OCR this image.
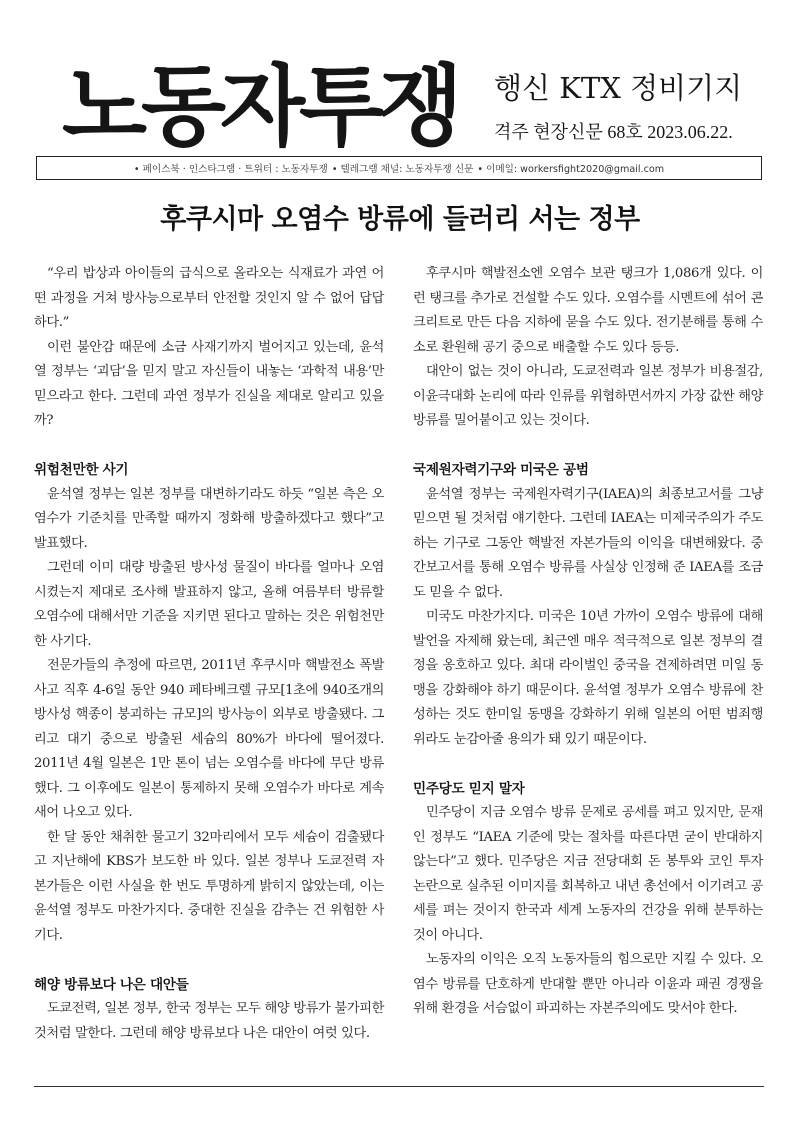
노동자투쟁	행신 KTX 정비기지
격주 현장신문 68호 2023.06.22.
• 페이스북 · 인스타그램 · 트위터 : 노동자투쟁 • 텔레그램 채널: 노동자투쟁 신문 • 이메일: workersfight2020@gmail.com
후쿠시마 오염수 방류에 들러리 서는 정부

“우리 밥상과 아이들의 급식으로 올라오는 식재료가 과연 어떤 과정을 거쳐 방사능으로부터 안전할 것인지 알 수 없어 답답하다.”

이런 불안감 때문에 소금 사재기까지 벌어지고 있는데, 윤석열 정부는 ‘괴담’을 믿지 말고 자신들이 내놓는 ‘과학적 내용’만 믿으라고 한다. 그런데 과연 정부가 진실을 제대로 알리고 있을까?

위험천만한 사기

윤석열 정부는 일본 정부를 대변하기라도 하듯 “일본 측은 오염수가 기준치를 만족할 때까지 정화해 방출하겠다고 했다”고 발표했다.

그런데 이미 대량 방출된 방사성 물질이 바다를 얼마나 오염시켰는지 제대로 조사해 발표하지 않고, 올해 여름부터 방류할 오염수에 대해서만 기준을 지키면 된다고 말하는 것은 위험천만한 사기다.

전문가들의 추정에 따르면, 2011년 후쿠시마 핵발전소 폭발 사고 직후 4-6일 동안 940 페타베크렐 규모[1초에 940조개의 방사성 핵종이 붕괴하는 규모]의 방사능이 외부로 방출됐다. 그리고 대기 중으로 방출된 세슘의 80%가 바다에 떨어졌다. 2011년 4월 일본은 1만 톤이 넘는 오염수를 바다에 무단 방류했다. 그 이후에도 일본이 통제하지 못해 오염수가 바다로 계속 새어 나오고 있다.

한 달 동안 채취한 물고기 32마리에서 모두 세슘이 검출됐다고 지난해에 KBS가 보도한 바 있다. 일본 정부나 도쿄전력 자본가들은 이런 사실을 한 번도 투명하게 밝히지 않았는데, 이는 윤석열 정부도 마찬가지다. 중대한 진실을 감추는 건 위험한 사기다.

해양 방류보다 나은 대안들

도쿄전력, 일본 정부, 한국 정부는 모두 해양 방류가 불가피한 것처럼 말한다. 그런데 해양 방류보다 나은 대안이 여럿 있다.

후쿠시마 핵발전소엔 오염수 보관 탱크가 1,086개 있다. 이런 탱크를 추가로 건설할 수도 있다. 오염수를 시멘트에 섞어 콘크리트로 만든 다음 지하에 묻을 수도 있다. 전기분해를 통해 수소로 환원해 공기 중으로 배출할 수도 있다 등등.

대안이 없는 것이 아니라, 도쿄전력과 일본 정부가 비용절감, 이윤극대화 논리에 따라 인류를 위협하면서까지 가장 값싼 해양 방류를 밀어붙이고 있는 것이다.

국제원자력기구와 미국은 공범

윤석열 정부는 국제원자력기구(IAEA)의 최종보고서를 그냥 믿으면 될 것처럼 얘기한다. 그런데 IAEA는 미제국주의가 주도하는 기구로 그동안 핵발전 자본가들의 이익을 대변해왔다. 중간보고서를 통해 오염수 방류를 사실상 인정해 준 IAEA를 조금도 믿을 수 없다.

미국도 마찬가지다. 미국은 10년 가까이 오염수 방류에 대해 발언을 자제해 왔는데, 최근엔 매우 적극적으로 일본 정부의 결정을 옹호하고 있다. 최대 라이벌인 중국을 견제하려면 미일 동맹을 강화해야 하기 때문이다. 윤석열 정부가 오염수 방류에 찬성하는 것도 한미일 동맹을 강화하기 위해 일본의 어떤 범죄행위라도 눈감아줄 용의가 돼 있기 때문이다.

민주당도 믿지 말자

민주당이 지금 오염수 방류 문제로 공세를 펴고 있지만, 문재인 정부도 “IAEA 기준에 맞는 절차를 따른다면 굳이 반대하지 않는다”고 했다. 민주당은 지금 전당대회 돈 봉투와 코인 투자 논란으로 실추된 이미지를 회복하고 내년 총선에서 이기려고 공세를 펴는 것이지 한국과 세계 노동자의 건강을 위해 분투하는 것이 아니다.

노동자의 이익은 오직 노동자들의 힘으로만 지킬 수 있다. 오염수 방류를 단호하게 반대할 뿐만 아니라 이윤과 패권 경쟁을 위해 환경을 서슴없이 파괴하는 자본주의에도 맞서야 한다.
